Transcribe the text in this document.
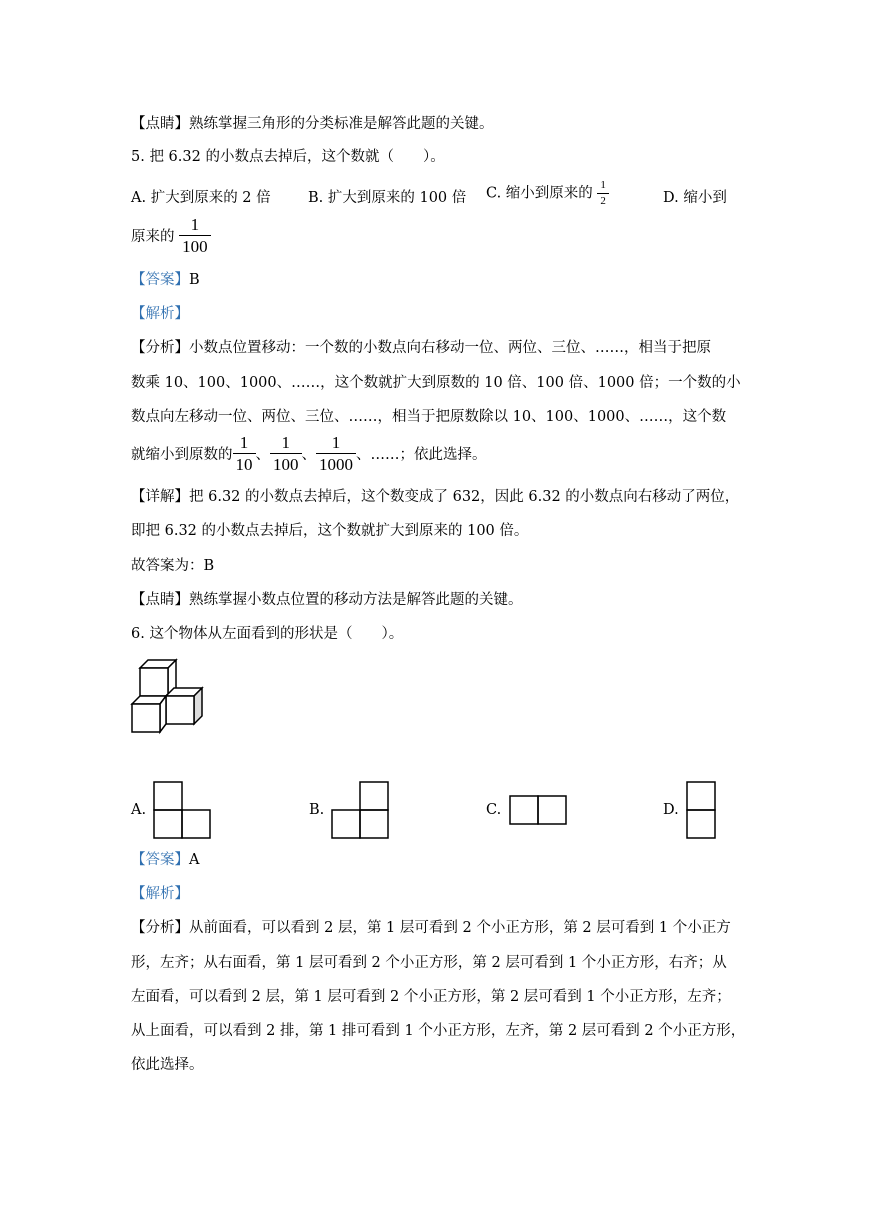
【点睛】熟练掌握三角形的分类标准是解答此题的关键。
5. 把 6.32 的小数点去掉后，这个数就（　　）。
A. 扩大到原来的 2 倍	B. 扩大到原来的 100 倍 C. 缩小到原来的 $\frac{1}{2}$	D. 缩小到
原来的 $\frac{1}{100}$
【答案】B
【解析】
【分析】小数点位置移动：一个数的小数点向右移动一位、两位、三位、……，相当于把原
数乘 10、100、1000、……，这个数就扩大到原数的 10 倍、100 倍、1000 倍；一个数的小
数点向左移动一位、两位、三位、……，相当于把原数除以 10、100、1000、……，这个数
就缩小到原数的 $\frac{1}{10}$ 、 $\frac{1}{100}$ 、 $\frac{1}{1000}$ 、……；依此选择。
【详解】把 6.32 的小数点去掉后，这个数变成了 632，因此 6.32 的小数点向右移动了两位，
即把 6.32 的小数点去掉后，这个数就扩大到原来的 100 倍。
故答案为：B
【点睛】熟练掌握小数点位置的移动方法是解答此题的关键。
6. 这个物体从左面看到的形状是（　　）。
A.	B.	C.	D.
【答案】A
【解析】
【分析】从前面看，可以看到 2 层，第 1 层可看到 2 个小正方形，第 2 层可看到 1 个小正方
形，左齐；从右面看，第 1 层可看到 2 个小正方形，第 2 层可看到 1 个小正方形，右齐；从
左面看，可以看到 2 层，第 1 层可看到 2 个小正方形，第 2 层可看到 1 个小正方形，左齐；
从上面看，可以看到 2 排，第 1 排可看到 1 个小正方形，左齐，第 2 层可看到 2 个小正方形，
依此选择。
